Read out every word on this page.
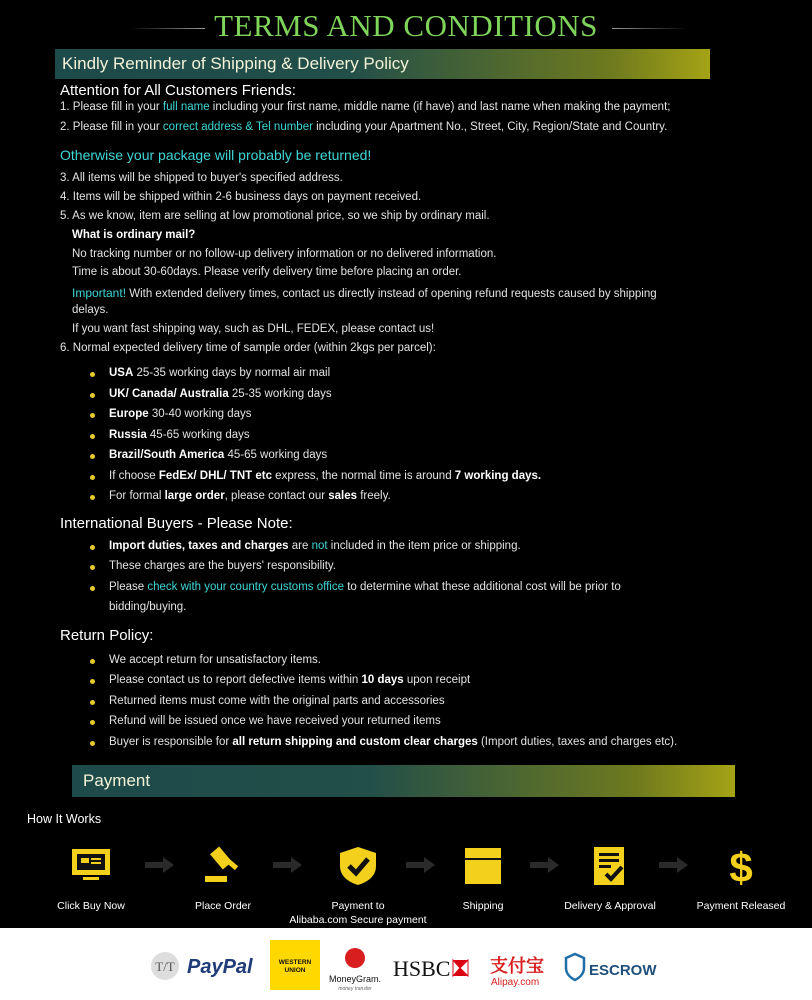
TERMS AND CONDITIONS
Kindly Reminder of Shipping & Delivery Policy
Attention for All Customers Friends:
1. Please fill in your full name including your first name, middle name (if have) and last name when making the payment;
2. Please fill in your correct address & Tel number including your Apartment No., Street, City, Region/State and Country.
Otherwise your package will probably be returned!
3. All items will be shipped to buyer's specified address.
4. Items will be shipped within 2-6 business days on payment received.
5. As we know, item are selling at low promotional price, so we ship by ordinary mail.
What is ordinary mail?
No tracking number or no follow-up delivery information or no delivered information.
Time is about 30-60days. Please verify delivery time before placing an order.
Important! With extended delivery times, contact us directly instead of opening refund requests caused by shipping
delays.
If you want fast shipping way, such as DHL, FEDEX, please contact us!
6. Normal expected delivery time of sample order (within 2kgs per parcel):
USA 25-35 working days by normal air mail
UK/ Canada/ Australia 25-35 working days
Europe 30-40 working days
Russia 45-65 working days
Brazil/South America 45-65 working days
If choose FedEx/ DHL/ TNT etc express, the normal time is around 7 working days.
For formal large order, please contact our sales freely.
International Buyers - Please Note:
Import duties, taxes and charges are not included in the item price or shipping.
These charges are the buyers' responsibility.
Please check with your country customs office to determine what these additional cost will be prior to
bidding/buying.
Return Policy:
We accept return for unsatisfactory items.
Please contact us to report defective items within 10 days upon receipt
Returned items must come with the original parts and accessories
Refund will be issued once we have received your returned items
Buyer is responsible for all return shipping and custom clear charges (Import duties, taxes and charges etc).
Payment
How It Works
Click Buy Now	Place Order	Payment to
Alibaba.com Secure payment
Shipping	Delivery & Approval
$
Payment Released
T/T PayPal	WESTERN
UNION
MoneyGram.
money transfer
HSBC 支付宝
Alipay.com
ESCROW
